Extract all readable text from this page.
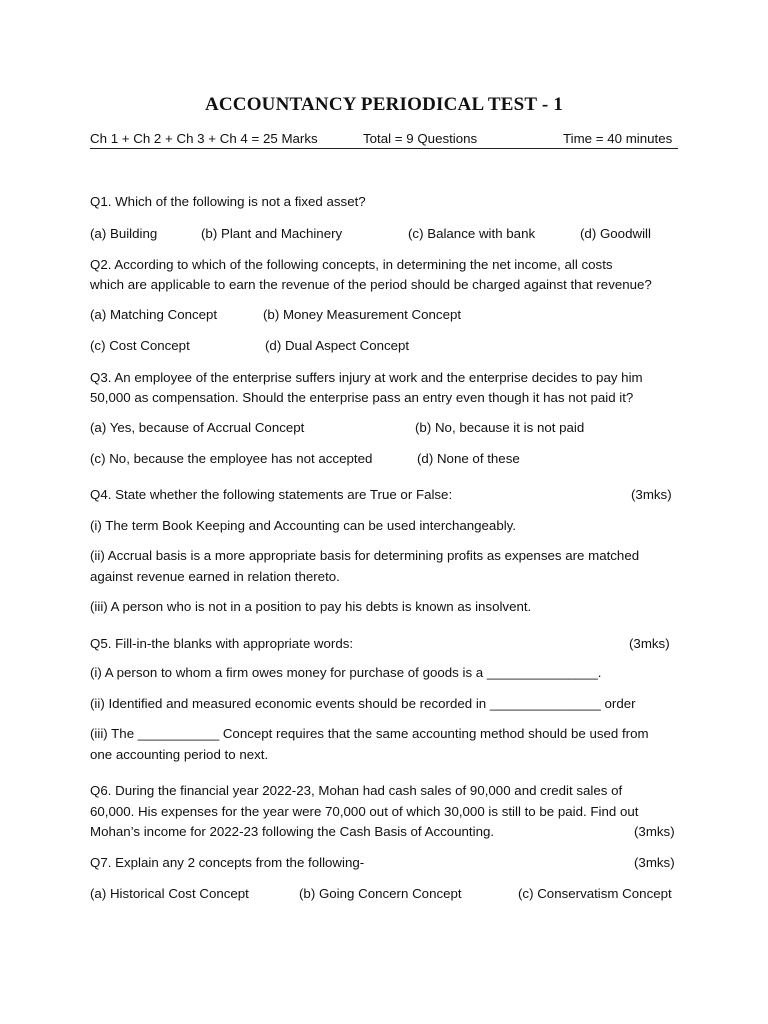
ACCOUNTANCY PERIODICAL TEST - 1
Ch 1 + Ch 2 + Ch 3 + Ch 4 = 25 Marks	Total = 9 Questions	Time = 40 minutes
Q1. Which of the following is not a fixed asset?
(a) Building	(b) Plant and Machinery	(c) Balance with bank	(d) Goodwill
Q2. According to which of the following concepts, in determining the net income, all costs
which are applicable to earn the revenue of the period should be charged against that revenue?
(a) Matching Concept	(b) Money Measurement Concept
(c) Cost Concept	(d) Dual Aspect Concept
Q3. An employee of the enterprise suffers injury at work and the enterprise decides to pay him
50,000 as compensation. Should the enterprise pass an entry even though it has not paid it?
(a) Yes, because of Accrual Concept	(b) No, because it is not paid
(c) No, because the employee has not accepted	(d) None of these
Q4. State whether the following statements are True or False:	(3mks)
(i) The term Book Keeping and Accounting can be used interchangeably.
(ii) Accrual basis is a more appropriate basis for determining profits as expenses are matched
against revenue earned in relation thereto.
(iii) A person who is not in a position to pay his debts is known as insolvent.
Q5. Fill-in-the blanks with appropriate words:	(3mks)
(i) A person to whom a firm owes money for purchase of goods is a _______________.
(ii) Identified and measured economic events should be recorded in _______________ order
(iii) The ___________ Concept requires that the same accounting method should be used from
one accounting period to next.
Q6. During the financial year 2022-23, Mohan had cash sales of 90,000 and credit sales of
60,000. His expenses for the year were 70,000 out of which 30,000 is still to be paid. Find out
Mohan’s income for 2022-23 following the Cash Basis of Accounting.	(3mks)
Q7. Explain any 2 concepts from the following-	(3mks)
(a) Historical Cost Concept	(b) Going Concern Concept	(c) Conservatism Concept
